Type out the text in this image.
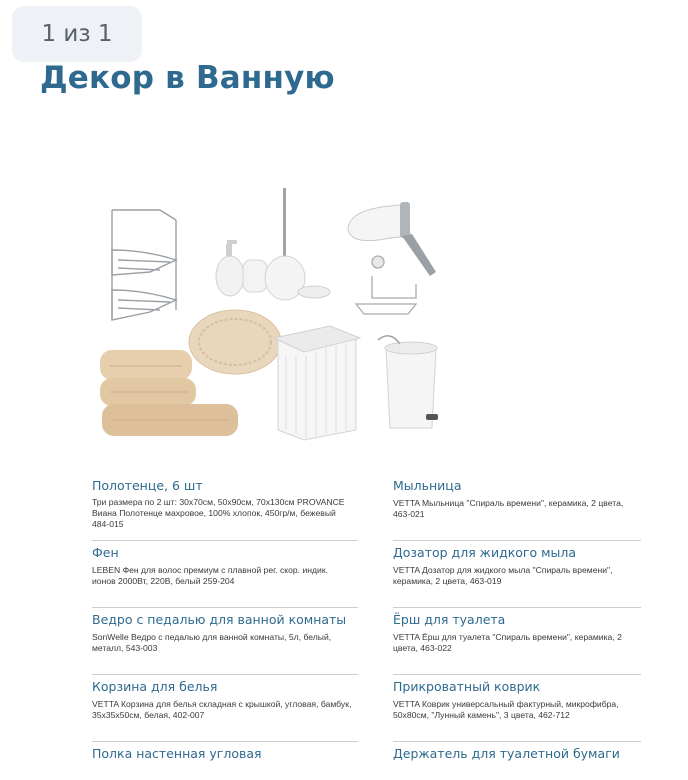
1 из 1
Декор в Ванную
Полотенце, 6 шт
Три размера по 2 шт: 30х70см, 50х90см, 70х130см PROVANCE Виана Полотенце махровое, 100% хлопок, 450гр/м, бежевый 484-015
Фен
LEBEN Фен для волос премиум с плавной рег. скор. индик. ионов 2000Вт, 220В, белый 259-204
Ведро с педалью для ванной комнаты
SonWelle Ведро с педалью для ванной комнаты, 5л, белый, металл, 543-003
Корзина для белья
VETTA Корзина для белья складная с крышкой, угловая, бамбук, 35х35х50см, белая, 402-007
Полка настенная угловая
Мыльница
VETTA Мыльница "Спираль времени", керамика, 2 цвета, 463-021
Дозатор для жидкого мыла
VETTA Дозатор для жидкого мыла "Спираль времени", керамика, 2 цвета, 463-019
Ёрш для туалета
VETTA Ёрш для туалета "Спираль времени", керамика, 2 цвета, 463-022
Прикроватный коврик
VETTA Коврик универсальный фактурный, микрофибра, 50х80см, "Лунный камень", 3 цвета, 462-712
Держатель для туалетной бумаги
